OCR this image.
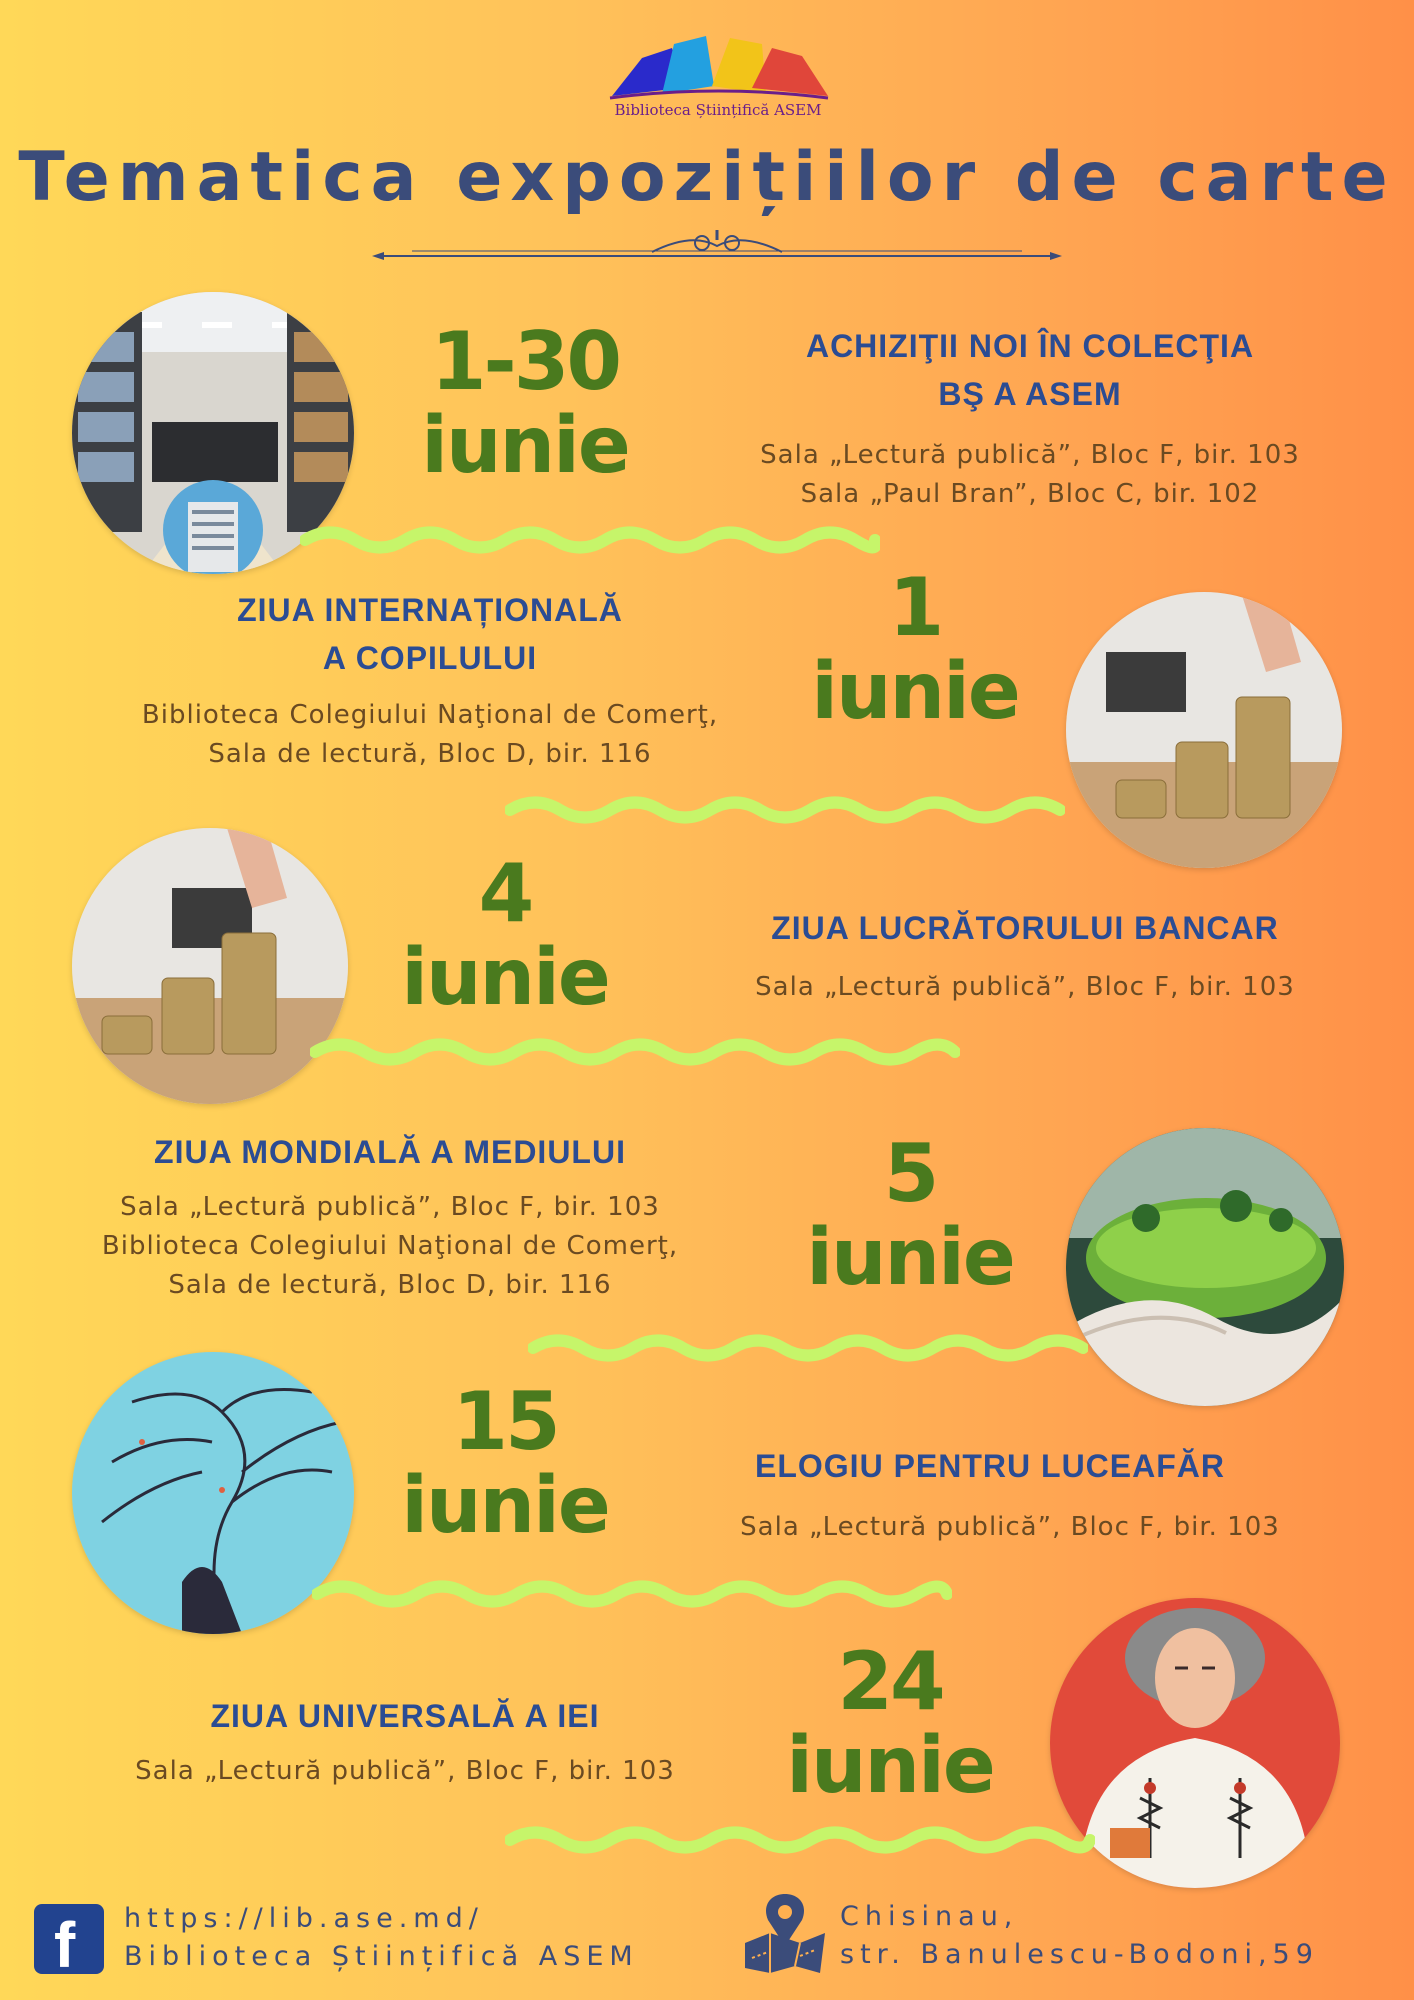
Biblioteca Științifică ASEM
Tematica expozițiilor de carte
1-30
iunie
ACHIZIŢII NOI ÎN COLECŢIA
BŞ A ASEM
Sala „Lectură publică”, Bloc F, bir. 103
Sala „Paul Bran”, Bloc C, bir. 102
ZIUA INTERNAȚIONALĂ
A COPILULUI
Biblioteca Colegiului Naţional de Comerţ,
Sala de lectură, Bloc D, bir. 116
1
iunie
4
iunie
ZIUA LUCRĂTORULUI BANCAR
Sala „Lectură publică”, Bloc F, bir. 103
ZIUA MONDIALĂ A MEDIULUI
Sala „Lectură publică”, Bloc F, bir. 103
Biblioteca Colegiului Naţional de Comerţ,
Sala de lectură, Bloc D, bir. 116
5
iunie
15
iunie	ELOGIU PENTRU LUCEAFĂR
Sala „Lectură publică”, Bloc F, bir. 103
ZIUA UNIVERSALĂ A IEI
Sala „Lectură publică”, Bloc F, bir. 103
24
iunie
f https://lib.ase.md/
Biblioteca Științifică ASEM
Chisinau,
str. Banulescu-Bodoni,59
